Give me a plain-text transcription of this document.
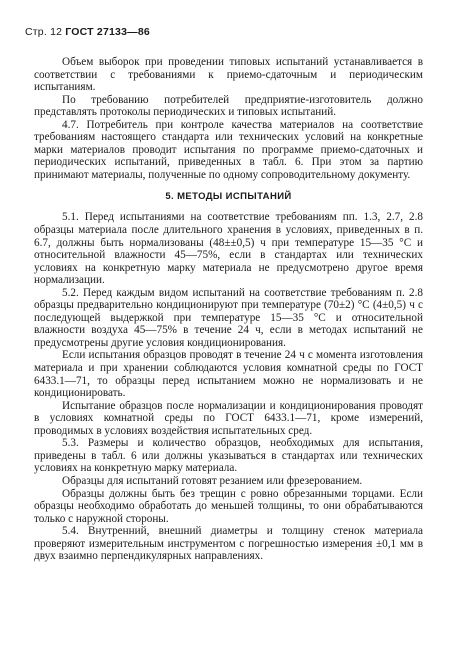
Стр. 12 ГОСТ 27133—86

Объем выборок при проведении типовых испытаний устанавливается в соответствии с требованиями к приемо-сдаточным и периодическим испытаниям.

По требованию потребителей предприятие-изготовитель должно представлять протоколы периодических и типовых испытаний.

4.7. Потребитель при контроле качества материалов на соответствие требованиям настоящего стандарта или технических условий на конкретные марки материалов проводит испытания по программе приемо-сдаточных и периодических испытаний, приведенных в табл. 6. При этом за партию принимают материалы, полученные по одному сопроводительному документу.

5. МЕТОДЫ ИСПЫТАНИЙ

5.1. Перед испытаниями на соответствие требованиям пп. 1.3, 2.7, 2.8 образцы материала после длительного хранения в условиях, приведенных в п. 6.7, должны быть нормализованы (48±±0,5) ч при температуре 15—35 °С и относительной влажности 45—75%, если в стандартах или технических условиях на конкретную марку материала не предусмотрено другое время нормализации.

5.2. Перед каждым видом испытаний на соответствие требованиям п. 2.8 образцы предварительно кондиционируют при температуре (70±2) °С (4±0,5) ч с последующей выдержкой при температуре 15—35 °С и относительной влажности воздуха 45—75% в течение 24 ч, если в методах испытаний не предусмотрены другие условия кондиционирования.

Если испытания образцов проводят в течение 24 ч с момента изготовления материала и при хранении соблюдаются условия комнатной среды по ГОСТ 6433.1—71, то образцы перед испытанием можно не нормализовать и не кондиционировать.

Испытание образцов после нормализации и кондиционирования проводят в условиях комнатной среды по ГОСТ 6433.1—71, кроме измерений, проводимых в условиях воздействия испытательных сред.

5.3. Размеры и количество образцов, необходимых для испытания, приведены в табл. 6 или должны указываться в стандартах или технических условиях на конкретную марку материала.

Образцы для испытаний готовят резанием или фрезерованием.

Образцы должны быть без трещин с ровно обрезанными торцами. Если образцы необходимо обработать до меньшей толщины, то они обрабатываются только с наружной стороны.

5.4. Внутренний, внешний диаметры и толщину стенок материала проверяют измерительным инструментом с погрешностью измерения ±0,1 мм в двух взаимно перпендикулярных направлениях.
